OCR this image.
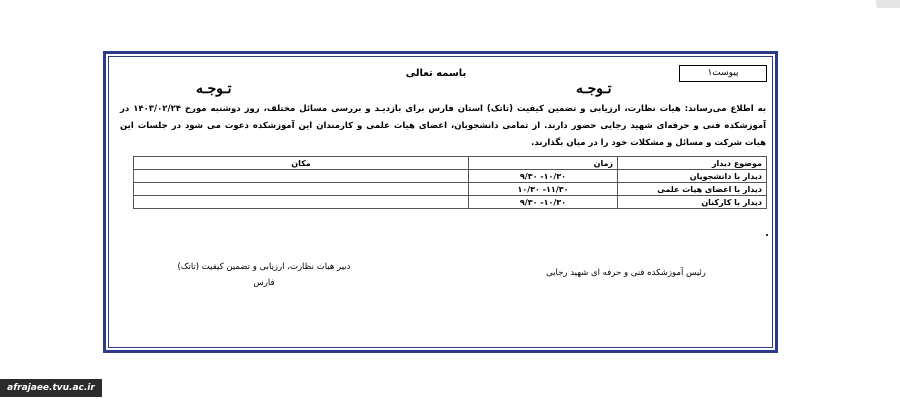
پیوست۱
باسمه تعالی
تـوجـه
تـوجـه
به اطلاع می‌رساند: هیات نظارت، ارزیابی و تضمین کیفیت (تاتک) استان فارس برای بازدیـد و بررسی مسائل مختلف، روز دوشنبه مورخ ۱۴۰۳/۰۲/۲۴ در آموزشکده فنی و حرفه‌ای شهید رجایی حضور دارند. از تمامی دانشجویان، اعضای هیات علمی و کارمندان این آموزشکده دعوت می شود در جلسات این هیات شرکت و مسائل و مشکلات خود را در میان بگذارند.
موضوع دیدار	زمان	مکان
دیدار با دانشجویان	۱۰/۳۰- ۹/۳۰	
دیدار با اعضای هیات علمی	۱۱/۳۰- ۱۰/۳۰	
دیدار با کارکنان	۱۰/۳۰- ۹/۳۰	
رئیس آموزشکده فنی و حرفه ای شهید رجایی
دبیر هیات نظارت، ارزیابی و تضمین کیفیت (تاتک)
فارس
afrajaee.tvu.ac.ir
